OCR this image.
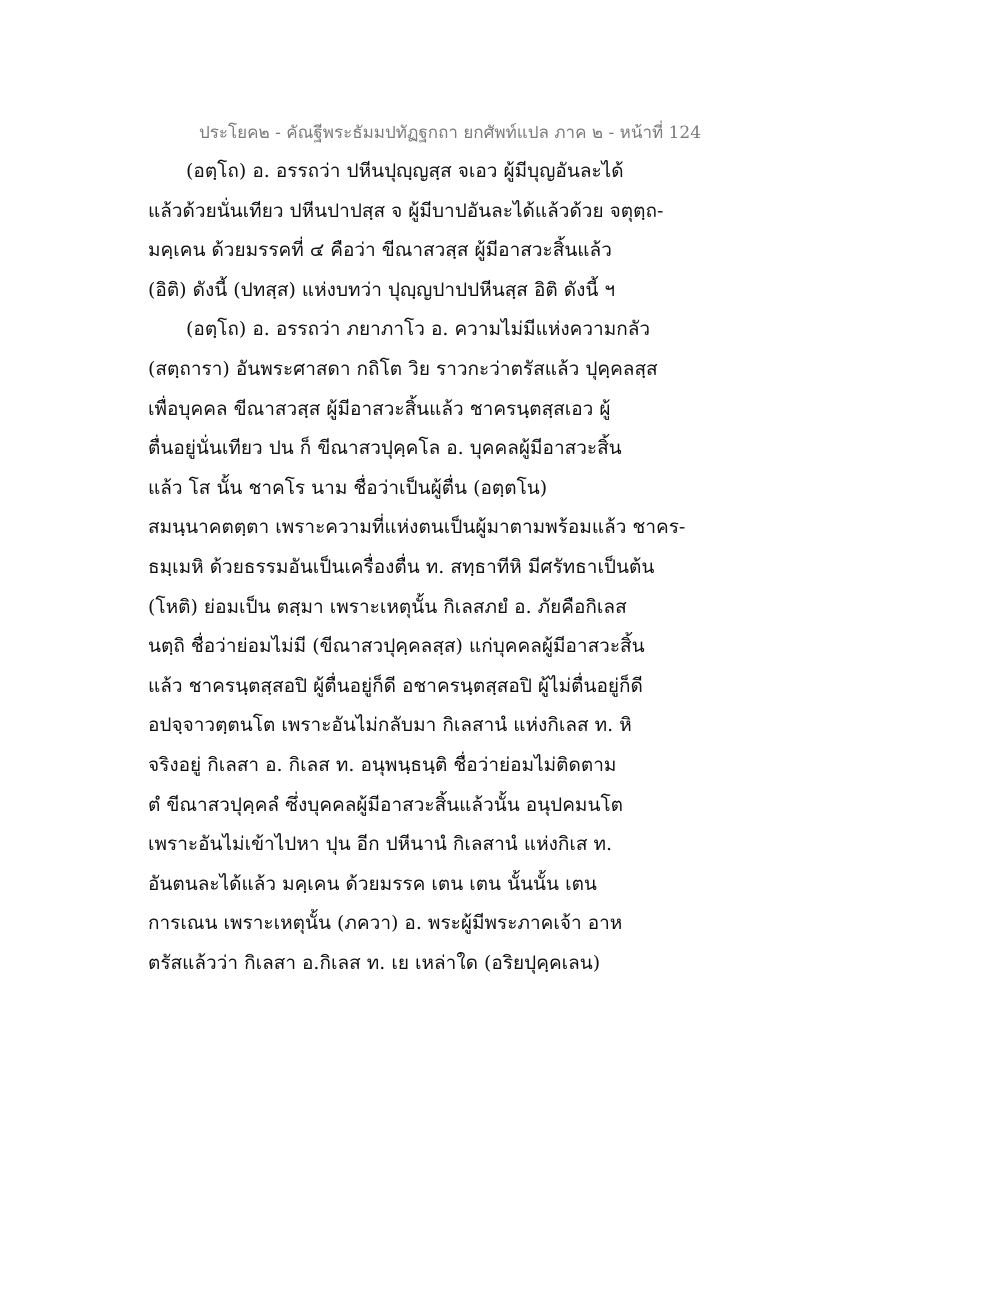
ประโยค๒ - คัณฐีพระธัมมปทัฏฐกถา ยกศัพท์แปล ภาค ๒ - หน้าที่ 124
(อตฺโถ) อ. อรรถว่า ปหีนปุญฺญสฺส จเอว ผู้มีบุญอันละได้
แล้วด้วยนั่นเทียว ปหีนปาปสฺส จ ผู้มีบาปอันละได้แล้วด้วย จตุตฺถ-
มคฺเคน ด้วยมรรคที่ ๔ คือว่า ขีณาสวสฺส ผู้มีอาสวะสิ้นแล้ว
(อิติ) ดังนี้ (ปทสฺส) แห่งบทว่า ปุญฺญปาปปหีนสฺส อิติ ดังนี้ ฯ
(อตฺโถ) อ. อรรถว่า ภยาภาโว อ. ความไม่มีแห่งความกลัว
(สตฺถารา) อันพระศาสดา กถิโต วิย ราวกะว่าตรัสแล้ว ปุคฺคลสฺส
เพื่อบุคคล ขีณาสวสฺส ผู้มีอาสวะสิ้นแล้ว ชาครนฺตสฺสเอว ผู้
ตื่นอยู่นั่นเทียว ปน ก็ ขีณาสวปุคฺคโล อ. บุคคลผู้มีอาสวะสิ้น
แล้ว โส นั้น ชาคโร นาม ชื่อว่าเป็นผู้ตื่น (อตฺตโน)
สมนฺนาคตตฺตา เพราะความที่แห่งตนเป็นผู้มาตามพร้อมแล้ว ชาคร-
ธมฺเมหิ ด้วยธรรมอันเป็นเครื่องตื่น ท. สทฺธาทีหิ มีศรัทธาเป็นต้น
(โหติ) ย่อมเป็น ตสฺมา เพราะเหตุนั้น กิเลสภยํ อ. ภัยคือกิเลส
นตฺถิ ชื่อว่าย่อมไม่มี (ขีณาสวปุคฺคลสฺส) แก่บุคคลผู้มีอาสวะสิ้น
แล้ว ชาครนฺตสฺสอปิ ผู้ตื่นอยู่ก็ดี อชาครนฺตสฺสอปิ ผู้ไม่ตื่นอยู่ก็ดี
อปจฺจาวตฺตนโต เพราะอันไม่กลับมา กิเลสานํ แห่งกิเลส ท. หิ
จริงอยู่ กิเลสา อ. กิเลส ท. อนุพนฺธนฺติ ชื่อว่าย่อมไม่ติดตาม
ตํ ขีณาสวปุคฺคลํ ซึ่งบุคคลผู้มีอาสวะสิ้นแล้วนั้น อนุปคมนโต
เพราะอันไม่เข้าไปหา ปุน อีก ปหีนานํ กิเลสานํ แห่งกิเส ท.
อันตนละได้แล้ว มคฺเคน ด้วยมรรค เตน เตน นั้นนั้น เตน
การเณน เพราะเหตุนั้น (ภควา) อ. พระผู้มีพระภาคเจ้า อาห
ตรัสแล้วว่า กิเลสา อ.กิเลส ท. เย เหล่าใด (อริยปุคฺคเลน)
